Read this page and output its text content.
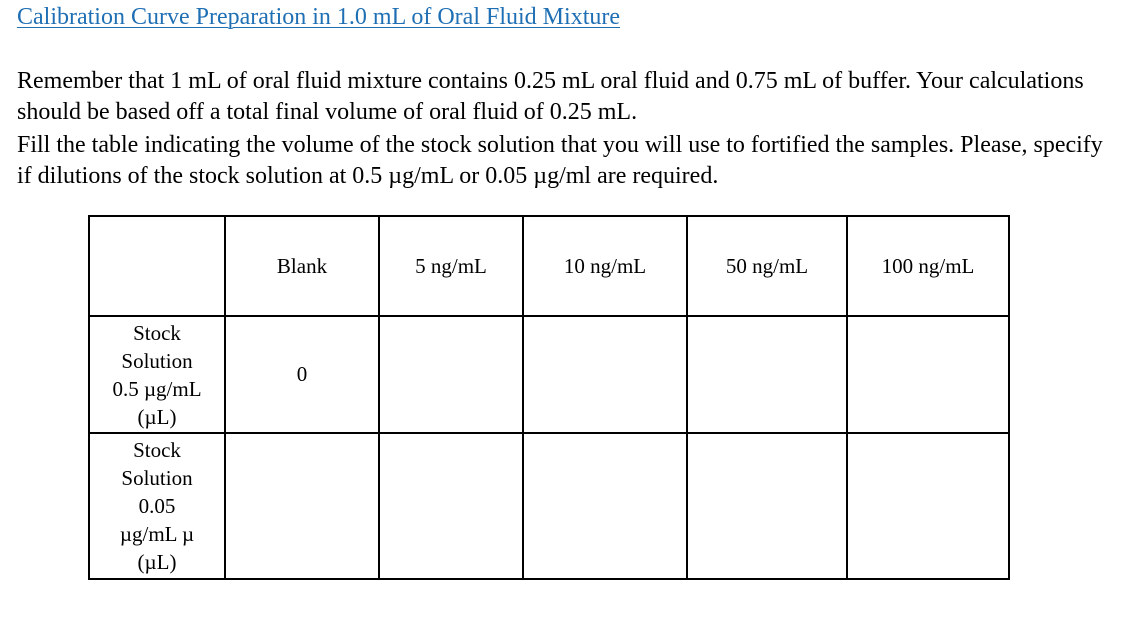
Calibration Curve Preparation in 1.0 mL of Oral Fluid Mixture

Remember that 1 mL of oral fluid mixture contains 0.25 mL oral fluid and 0.75 mL of buffer. Your calculations should be based off a total final volume of oral fluid of 0.25 mL.

Fill the table indicating the volume of the stock solution that you will use to fortified the samples. Please, specify if dilutions of the stock solution at 0.5 µg/mL or 0.05 µg/ml are required.

	Blank	5 ng/mL	10 ng/mL	50 ng/mL	100 ng/mL

Stock
Solution
0.5 µg/mL
(µL)	0				

Stock
Solution
0.05
µg/mL µ
(µL)					
